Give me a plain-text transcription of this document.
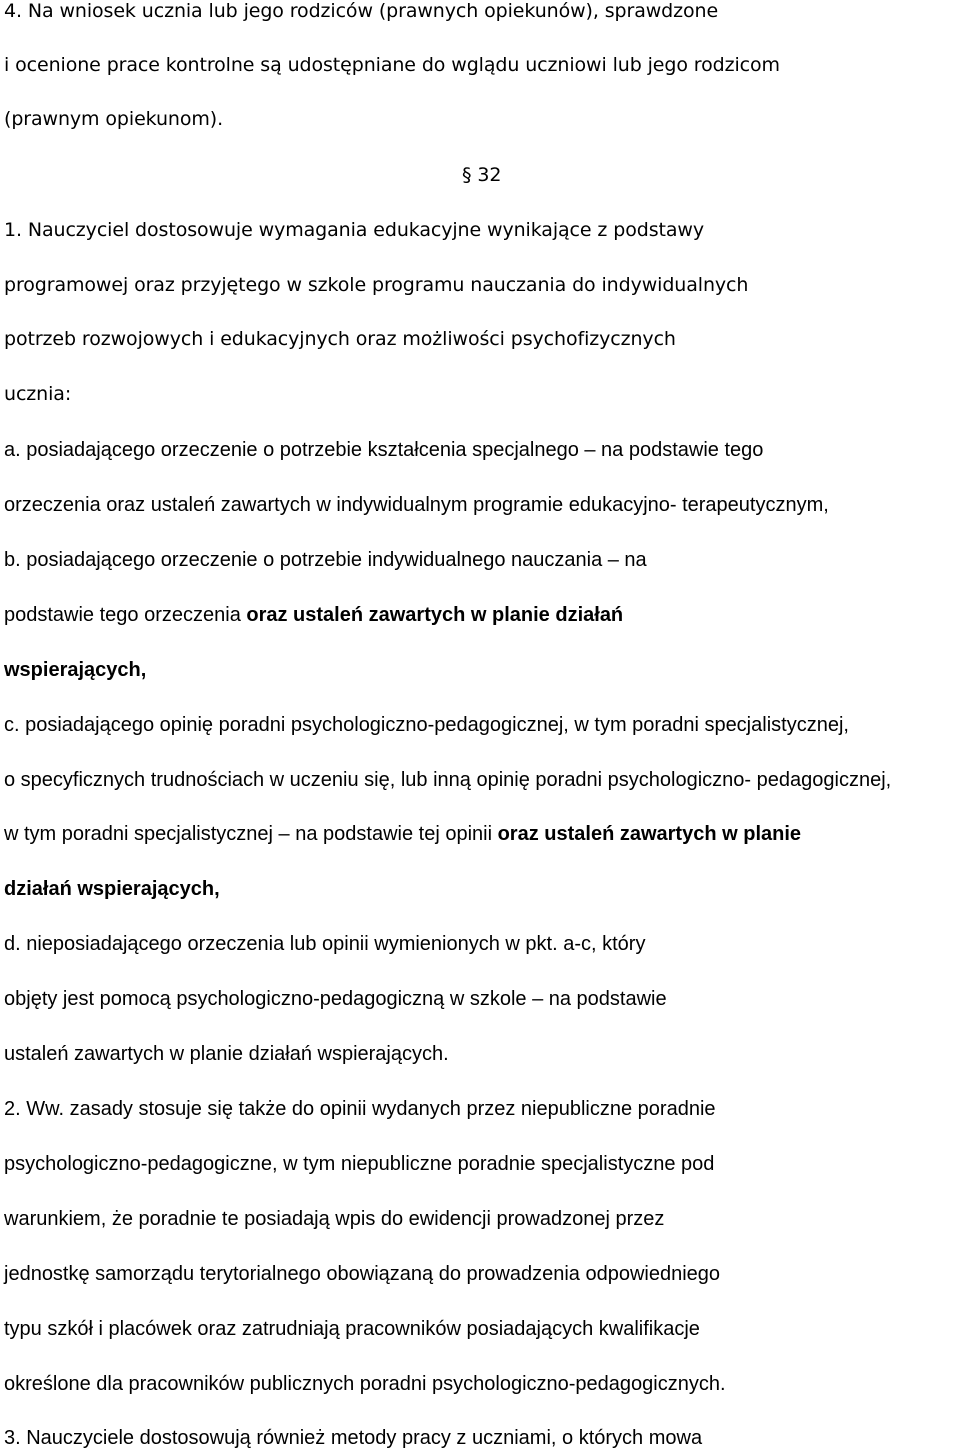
4. Na wniosek ucznia lub jego rodziców (prawnych opiekunów), sprawdzone
i ocenione prace kontrolne są udostępniane do wglądu uczniowi lub jego rodzicom
(prawnym opiekunom).
§ 32
1. Nauczyciel dostosowuje wymagania edukacyjne wynikające z podstawy
programowej oraz przyjętego w szkole programu nauczania do indywidualnych
potrzeb rozwojowych i edukacyjnych oraz możliwości psychofizycznych
ucznia:
a. posiadającego orzeczenie o potrzebie kształcenia specjalnego – na podstawie tego
orzeczenia oraz ustaleń zawartych w indywidualnym programie edukacyjno- terapeutycznym,
b. posiadającego orzeczenie o potrzebie indywidualnego nauczania – na
podstawie tego orzeczenia oraz ustaleń zawartych w planie działań
wspierających,
c. posiadającego opinię poradni psychologiczno-pedagogicznej, w tym poradni specjalistycznej,
o specyficznych trudnościach w uczeniu się, lub inną opinię poradni psychologiczno- pedagogicznej,
w tym poradni specjalistycznej – na podstawie tej opinii oraz ustaleń zawartych w planie
działań wspierających,
d. nieposiadającego orzeczenia lub opinii wymienionych w pkt. a-c, który
objęty jest pomocą psychologiczno-pedagogiczną w szkole – na podstawie
ustaleń zawartych w planie działań wspierających.
2. Ww. zasady stosuje się także do opinii wydanych przez niepubliczne poradnie
psychologiczno-pedagogiczne, w tym niepubliczne poradnie specjalistyczne pod
warunkiem, że poradnie te posiadają wpis do ewidencji prowadzonej przez
jednostkę samorządu terytorialnego obowiązaną do prowadzenia odpowiedniego
typu szkół i placówek oraz zatrudniają pracowników posiadających kwalifikacje
określone dla pracowników publicznych poradni psychologiczno-pedagogicznych.
3. Nauczyciele dostosowują również metody pracy z uczniami, o których mowa
